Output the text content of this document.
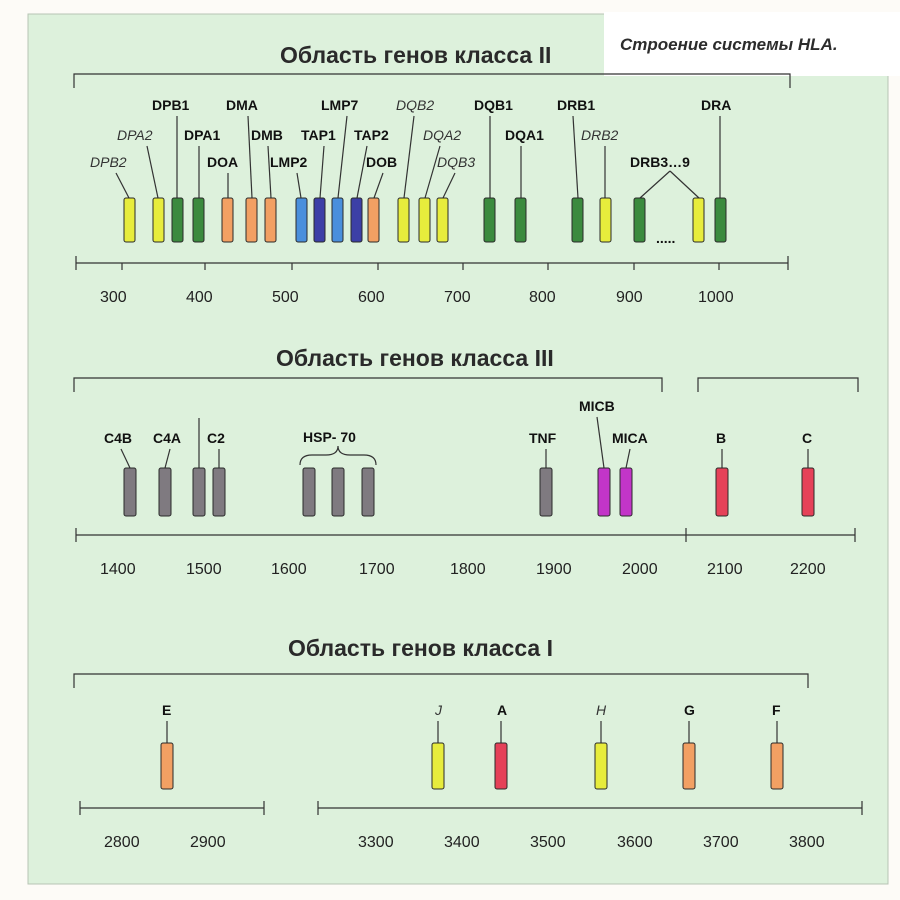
Строение системы HLA.
Область генов класса II
DPB2
DPA2
DPB1
DPA1
DOA
DMA
DMB
LMP2
TAP1
LMP7
TAP2
DOB
DQB2
DQA2
DQB3
DQB1
DQA1
DRB1
DRB2
DRB3…9
DRA
.....
300	400	500	600	700	800	900	1000
Область генов класса III
C4B C4A C2	HSP- 70	TNF
MICB
MICA	B	C
1400	1500	1600	1700	1800	1900	2000	2100	2200
Область генов класса I
E	J	A	H	G	F
2800	2900	3300	3400	3500	3600	3700	3800
